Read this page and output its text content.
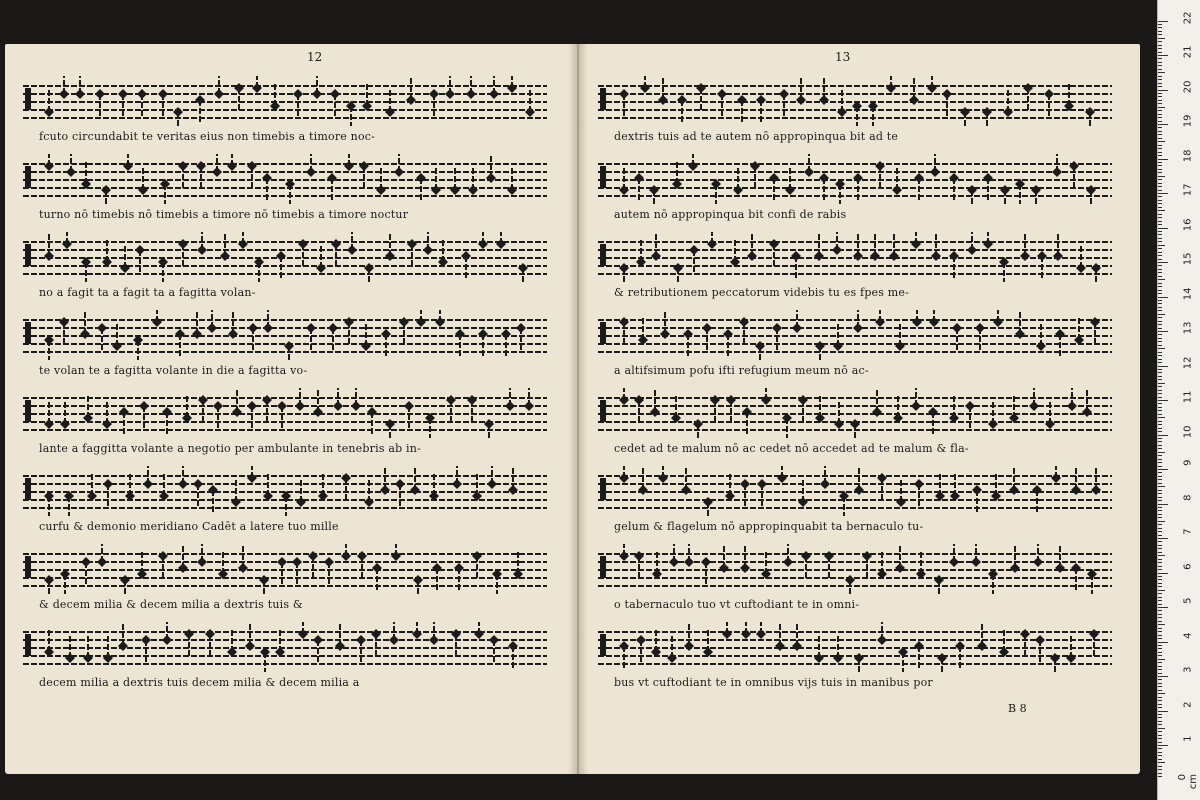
12
fcuto circundabit te veritas eius non timebis a timore noc-
turno nō timebis nō timebis a timore nō timebis a timore noctur
no a fagit ta a fagit ta a fagitta volan-
te volan te a fagitta volante in die a fagitta vo-
lante a faggitta volante a negotio per ambulante in tenebris ab in-
curfu & demonio meridiano Cadēt a latere tuo mille
& decem milia & decem milia a dextris tuis &
decem milia a dextris tuis decem milia & decem milia a
13
dextris tuis ad te autem nō appropinqua bit ad te
autem nō appropinqua bit confi de rabis
& retributionem peccatorum videbis tu es fpes me-
a altifsimum pofu ifti refugium meum nō ac-
cedet ad te malum nō ac cedet nō accedet ad te malum & fla-
gelum & flagelum nō appropinquabit ta bernaculo tu-
o tabernaculo tuo vt cuftodiant te in omni-
bus vt cuftodiant te in omnibus vijs tuis in manibus por
B 8
0 cm
1
2
3
4
5
6
7
8
9
10
11
12
13
14
15
16
17
18
19
20
21
22
